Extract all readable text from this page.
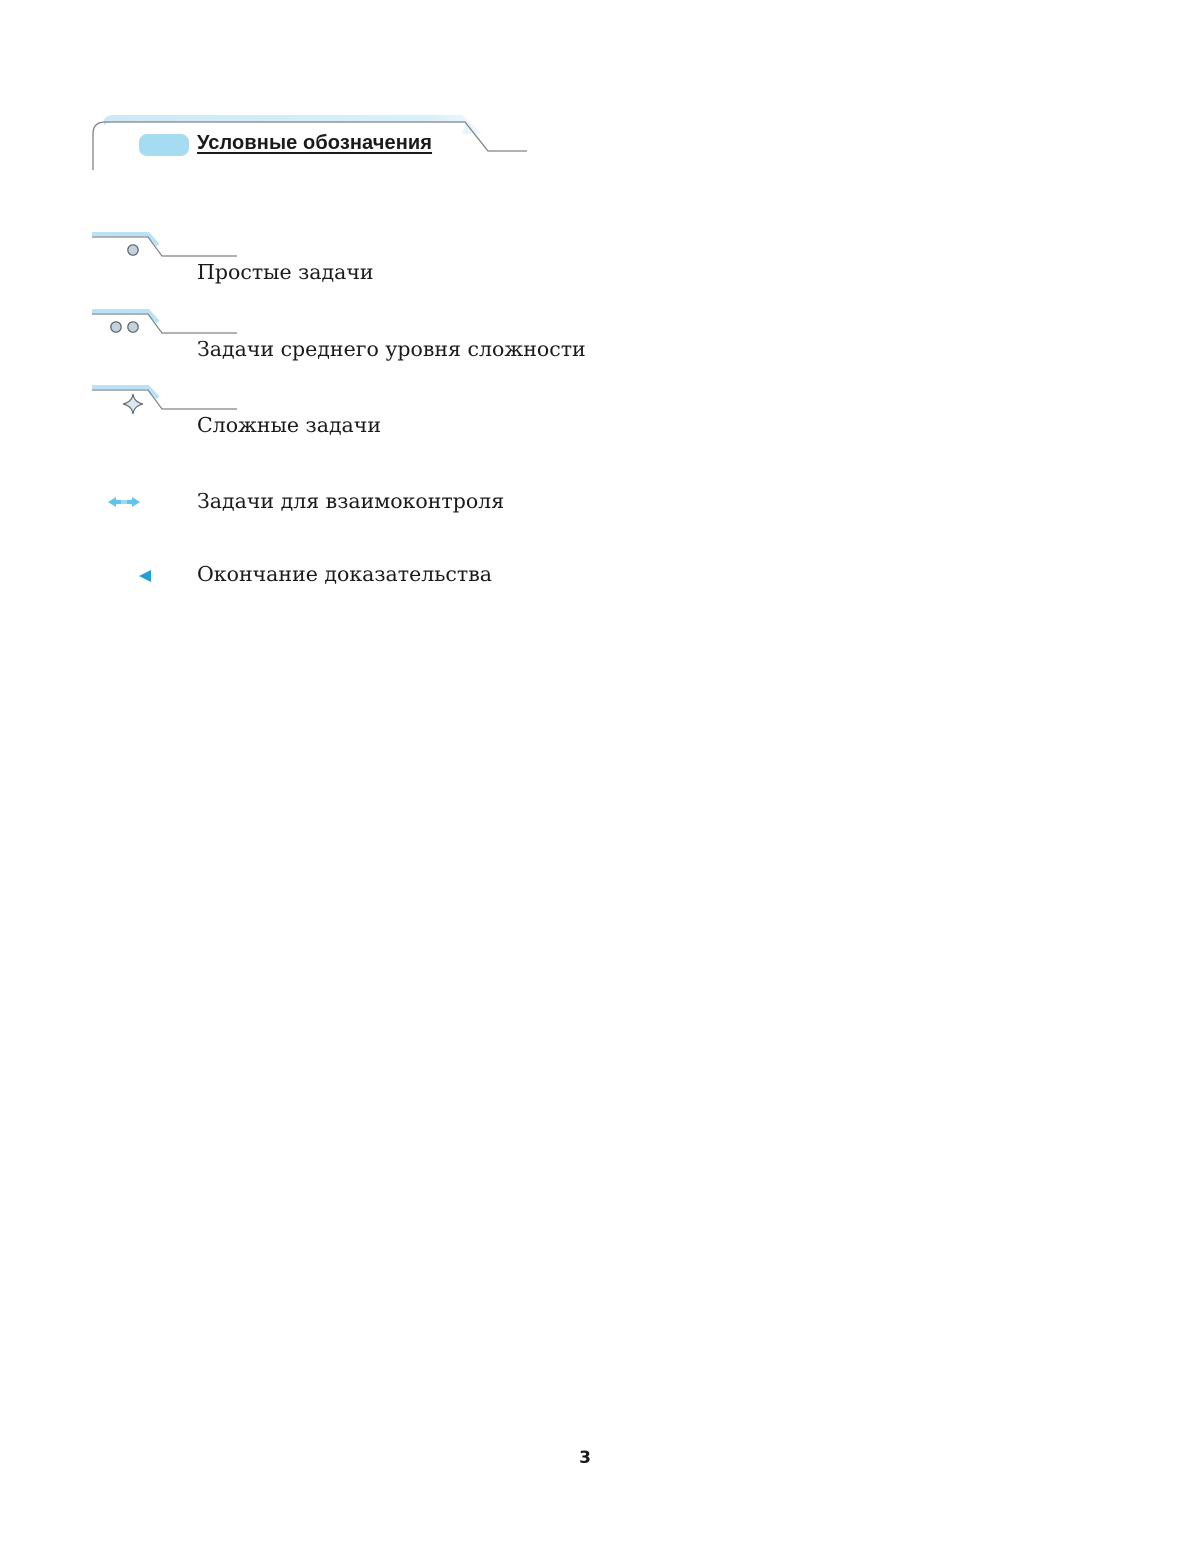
Условные обозначения
Простые задачи
Задачи среднего уровня сложности
Сложные задачи
Задачи для взаимоконтроля
Окончание доказательства
3
